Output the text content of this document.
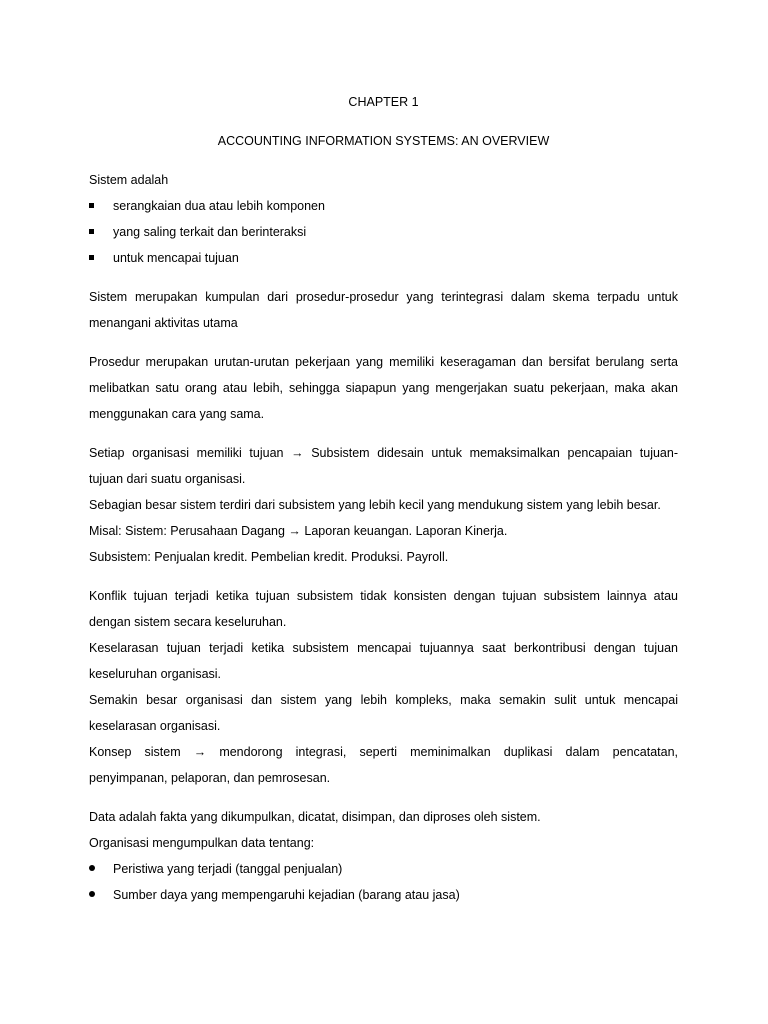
CHAPTER 1
ACCOUNTING INFORMATION SYSTEMS: AN OVERVIEW
Sistem adalah
serangkaian dua atau lebih komponen
yang saling terkait dan berinteraksi
untuk mencapai tujuan
Sistem merupakan kumpulan dari prosedur-prosedur yang terintegrasi dalam skema terpadu untuk
menangani aktivitas utama
Prosedur merupakan urutan-urutan pekerjaan yang memiliki keseragaman dan bersifat berulang serta
melibatkan satu orang atau lebih, sehingga siapapun yang mengerjakan suatu pekerjaan, maka akan
menggunakan cara yang sama.
Setiap organisasi memiliki tujuan → Subsistem didesain untuk memaksimalkan pencapaian tujuan-
tujuan dari suatu organisasi.
Sebagian besar sistem terdiri dari subsistem yang lebih kecil yang mendukung sistem yang lebih besar.
Misal: Sistem: Perusahaan Dagang → Laporan keuangan. Laporan Kinerja.
Subsistem: Penjualan kredit. Pembelian kredit. Produksi. Payroll.
Konflik tujuan terjadi ketika tujuan subsistem tidak konsisten dengan tujuan subsistem lainnya atau
dengan sistem secara keseluruhan.
Keselarasan tujuan terjadi ketika subsistem mencapai tujuannya saat berkontribusi dengan tujuan
keseluruhan organisasi.
Semakin besar organisasi dan sistem yang lebih kompleks, maka semakin sulit untuk mencapai
keselarasan organisasi.
Konsep sistem → mendorong integrasi, seperti meminimalkan duplikasi dalam pencatatan,
penyimpanan, pelaporan, dan pemrosesan.
Data adalah fakta yang dikumpulkan, dicatat, disimpan, dan diproses oleh sistem.
Organisasi mengumpulkan data tentang:
Peristiwa yang terjadi (tanggal penjualan)
Sumber daya yang mempengaruhi kejadian (barang atau jasa)
